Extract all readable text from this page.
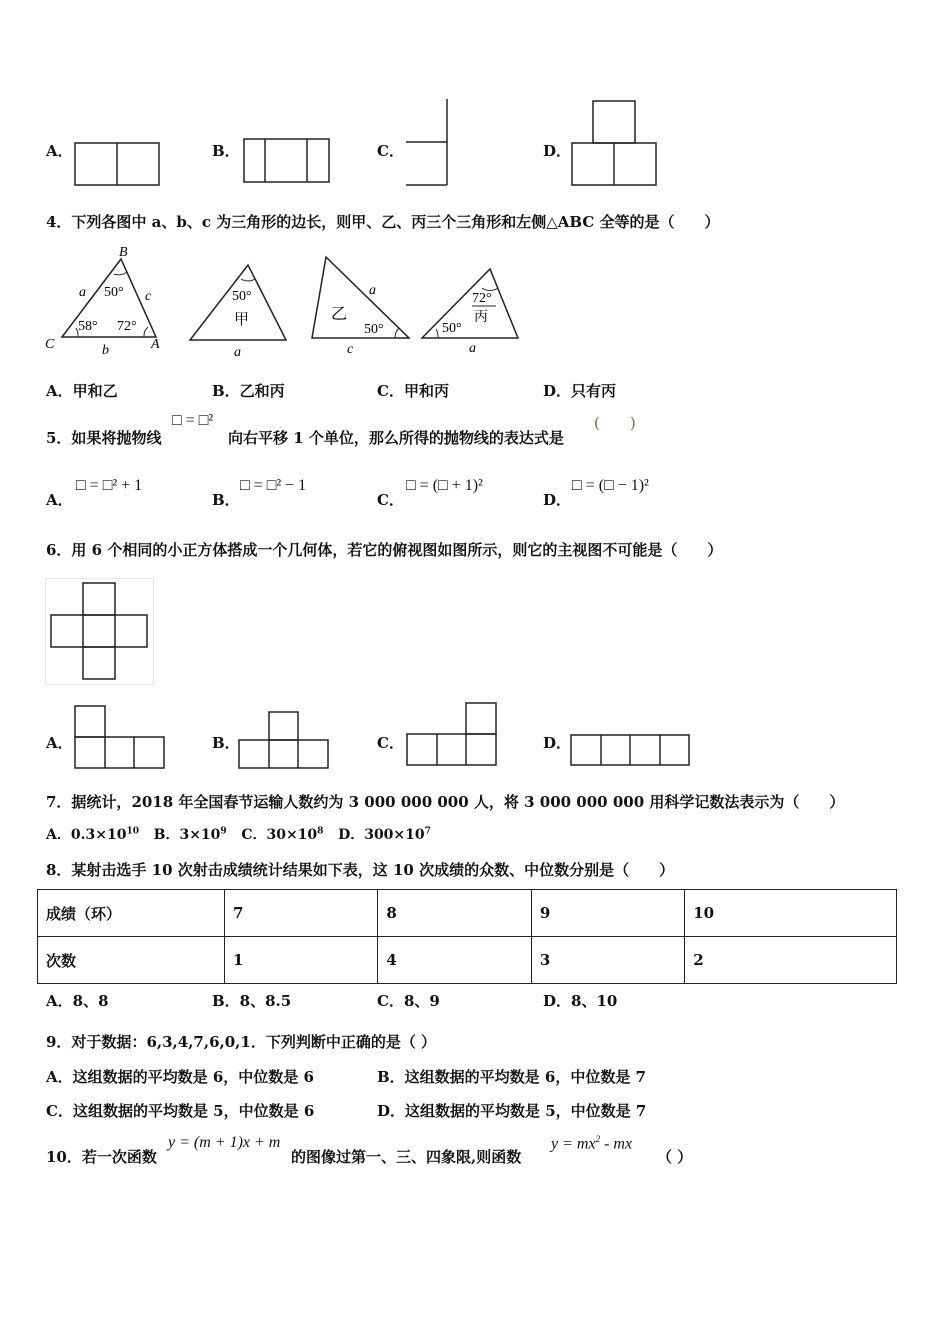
A．	B．	C．	D．
4．下列各图中 a、b、c 为三角形的边长，则甲、乙、丙三个三角形和左侧△ABC 全等的是（　　）
B
C	A
a	c
b
50°
58° 72°
50°
甲
a
乙
50°
a
c
72°
丙
50°
a
A．甲和乙	B．乙和丙	C．甲和丙	D．只有丙
5．如果将抛物线
□ = □²
向右平移 1 个单位，那么所得的抛物线的表达式是
(　　)
A．
□ = □² + 1
B．
□ = □² − 1
C．
□ = (□ + 1)²
D．
□ = (□ − 1)²
6．用 6 个相同的小正方体搭成一个几何体，若它的俯视图如图所示，则它的主视图不可能是（　　）
A．	B．	C．	D．
7．据统计，2018 年全国春节运输人数约为 3 000 000 000 人，将 3 000 000 000 用科学记数法表示为（　　）
A．$0.3\times 10^{10}$ B．$3\times 10^9$ C．$30\times 10^8$ D．$300\times 10^7$
8．某射击选手 10 次射击成绩统计结果如下表，这 10 次成绩的众数、中位数分别是（　　）
成绩（环）	7	8	9	10
次数	1	4	3	2
A．8、8	B．8、8.5	C．8、9	D．8、10
9．对于数据：6,3,4,7,6,0,1．下列判断中正确的是（ ）
A．这组数据的平均数是 6，中位数是 6	B．这组数据的平均数是 6，中位数是 7
C．这组数据的平均数是 5，中位数是 6	D．这组数据的平均数是 5，中位数是 7
10．若一次函数
y = (m + 1)x + m
的图像过第一、三、四象限,则函数
$y = mx^2$ - mx
（ ）
